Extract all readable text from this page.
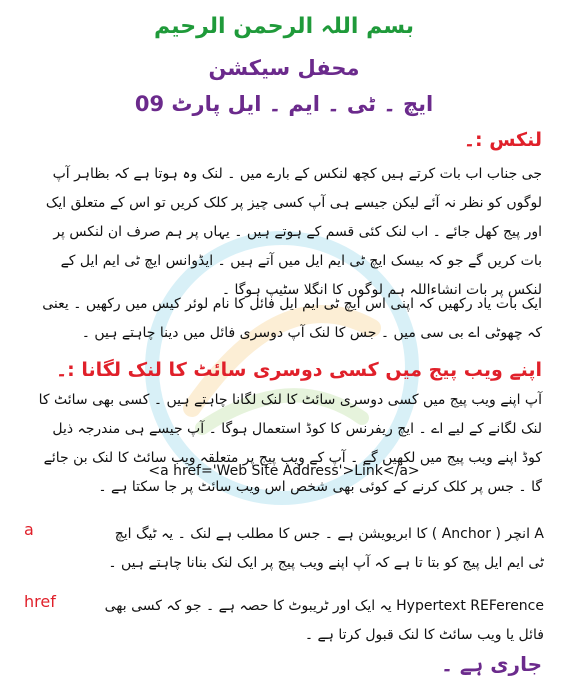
بسم اللہ الرحمن الرحیم
محفل سیکشن
ایچ ۔ ٹی ۔ ایم ۔ ایل پارٹ 09
لنکس :۔
جی جناب اب بات کرتے ہیں کچھ لنکس کے بارے میں ۔ لنک وہ ہوتا ہے کہ بظاہر آپ لوگوں کو نظر نہ آئے لیکن جیسے ہی آپ کسی چیز پر کلک کریں تو اس کے متعلق ایک اور پیج کھل جائے ۔ اب لنک کئی قسم کے ہوتے ہیں ۔ یہاں پر ہم صرف ان لنکس پر بات کریں گے جو کہ بیسک ایچ ٹی ایم ایل میں آتے ہیں ۔ ایڈوانس ایچ ٹی ایم ایل کے لنکس پر بات انشاءاللہ ہم لوگوں کا انگلا سٹیپ ہوگا ۔
ایک بات یاد رکھیں کہ اپنی اس ایچ ٹی ایم ایل فائل کا نام لوئر کیس میں رکھیں ۔ یعنی کہ چھوٹی اے بی سی میں ۔ جس کا لنک آپ دوسری فائل میں دینا چاہتے ہیں ۔
اپنے ویب پیج میں کسی دوسری سائٹ کا لنک لگانا :۔
آپ اپنے ویب پیج میں کسی دوسری سائٹ کا لنک لگانا چاہتے ہیں ۔ کسی بھی سائٹ کا لنک لگانے کے لیے اے ۔ ایچ ریفرنس کا کوڈ استعمال ہوگا ۔ آپ جیسے ہی مندرجہ ذیل کوڈ اپنے ویب پیج میں لکھیں گے ۔ آپ کے ویب پیج پر متعلقہ ویب سائٹ کا لنک بن جائے گا ۔ جس پر کلک کرنے کے کوئی بھی شخص اس ویب سائٹ پر جا سکتا ہے ۔
<a href='Web Site Address'>Link</a>
a	A انچر ( Anchor ) کا ابریویشن ہے ۔ جس کا مطلب ہے لنک ۔ یہ ٹیگ ایچ ٹی ایم ایل پیج کو بتا تا ہے کہ آپ اپنے ویب پیج پر ایک لنک بنانا چاہتے ہیں ۔
href	Hypertext REFerence یہ ایک اور ٹریبوٹ کا حصہ ہے ۔ جو کہ کسی بھی فائل یا ویب سائٹ کا لنک قبول کرتا ہے ۔
جاری ہے ۔
